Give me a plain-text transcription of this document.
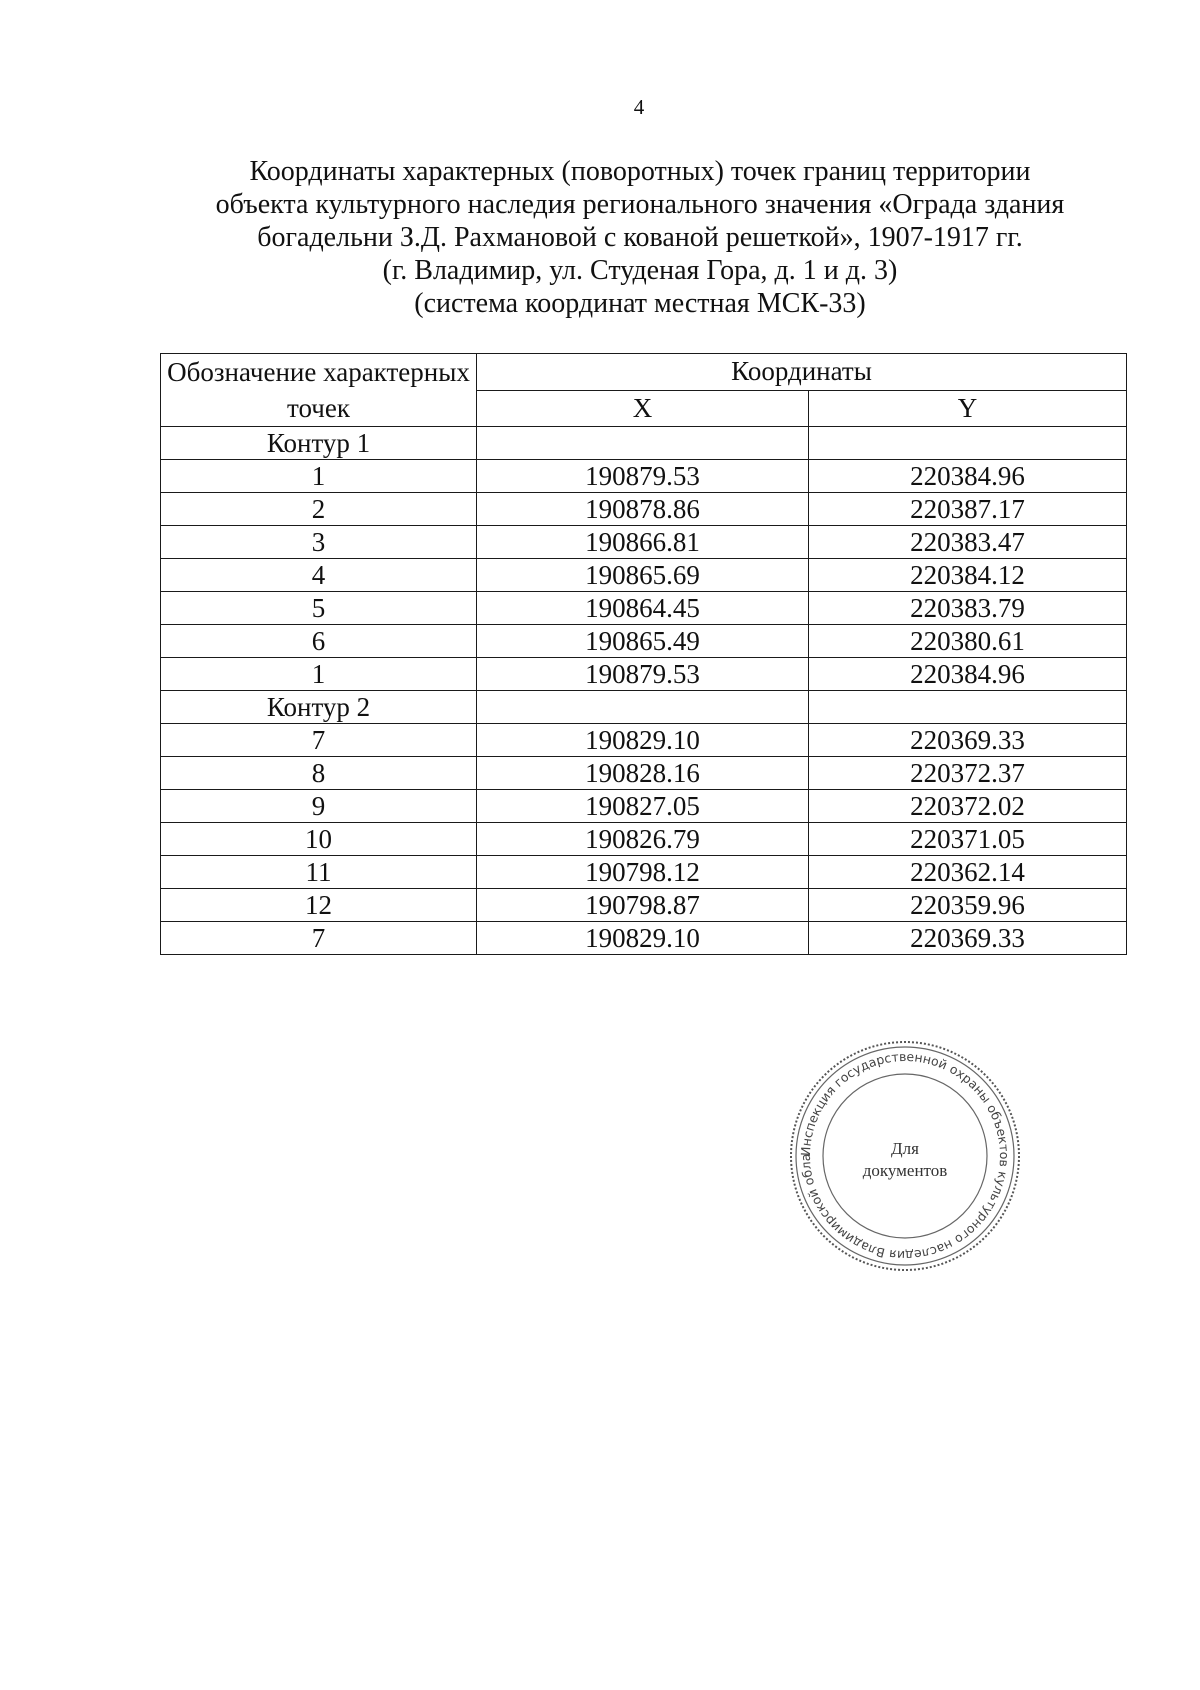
4
Координаты характерных (поворотных) точек границ территории
объекта культурного наследия регионального значения «Ограда здания
богадельни З.Д. Рахмановой с кованой решеткой», 1907-1917 гг.
(г. Владимир, ул. Студеная Гора, д. 1 и д. 3)
(система координат местная МСК-33)
Обозначение характерных точек	Координаты	
	X	Y
Контур 1		
1	190879.53	220384.96
2	190878.86	220387.17
3	190866.81	220383.47
4	190865.69	220384.12
5	190864.45	220383.79
6	190865.49	220380.61
1	190879.53	220384.96
Контур 2		
7	190829.10	220369.33
8	190828.16	220372.37
9	190827.05	220372.02
10	190826.79	220371.05
11	190798.12	220362.14
12	190798.87	220359.96
7	190829.10	220369.33
Инспекция государственной охраны объектов культурного наследия Владимирской обла	Для
документов
